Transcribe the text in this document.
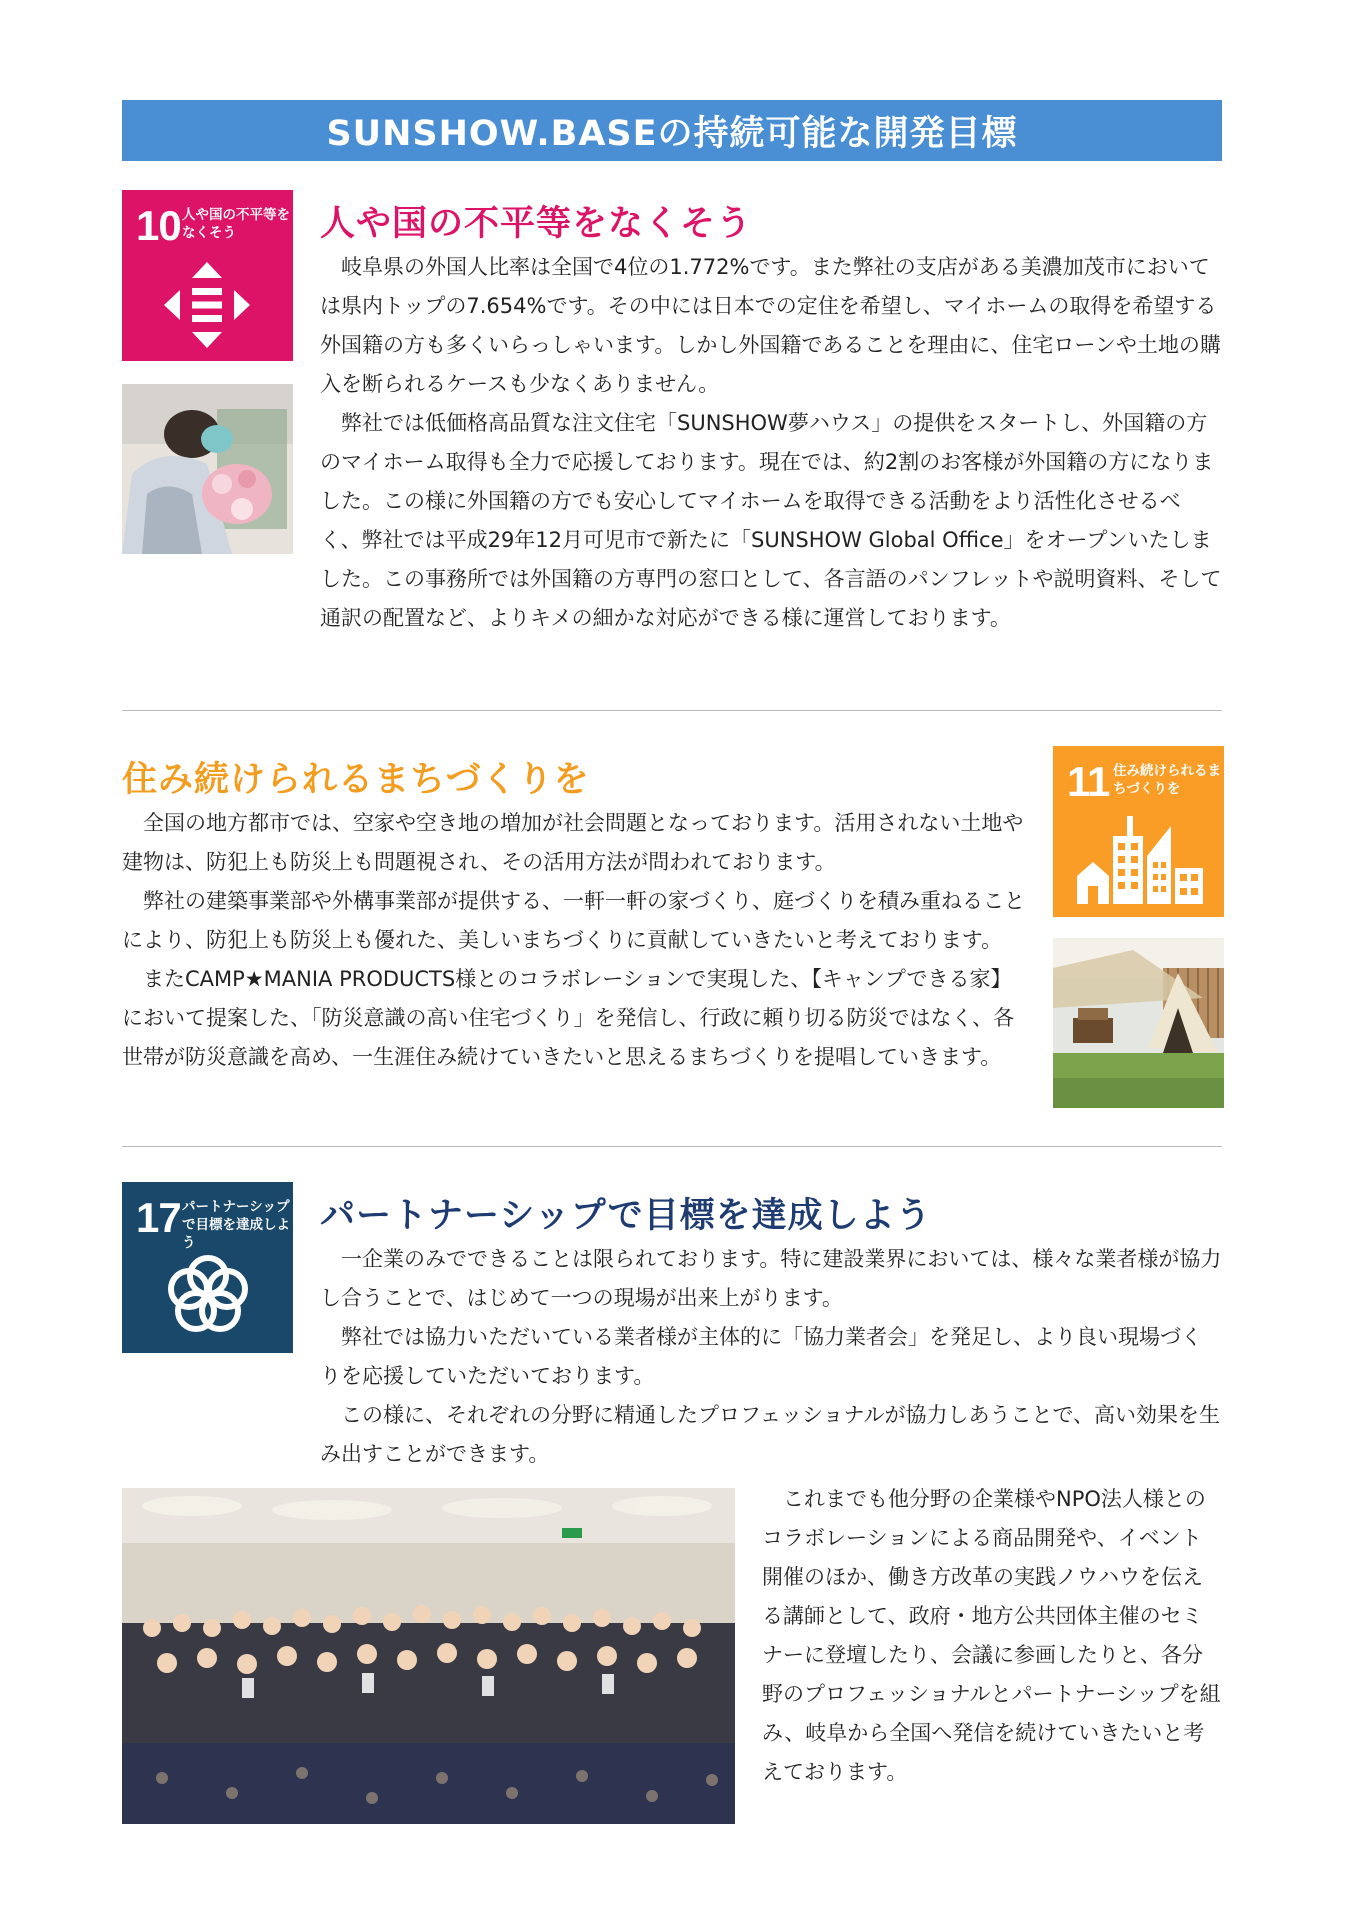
SUNSHOW.BASEの持続可能な開発目標
10 人や国の不平等をなくそう	人や国の不平等をなくそう

岐阜県の外国人比率は全国で4位の1.772%です。また弊社の支店がある美濃加茂市においては県内トップの7.654%です。その中には日本での定住を希望し、マイホームの取得を希望する外国籍の方も多くいらっしゃいます。しかし外国籍であることを理由に、住宅ローンや土地の購入を断られるケースも少なくありません。

弊社では低価格高品質な注文住宅「SUNSHOW夢ハウス」の提供をスタートし、外国籍の方のマイホーム取得も全力で応援しております。現在では、約2割のお客様が外国籍の方になりました。この様に外国籍の方でも安心してマイホームを取得できる活動をより活性化させるべく、弊社では平成29年12月可児市で新たに「SUNSHOW Global Office」をオープンいたしました。この事務所では外国籍の方専門の窓口として、各言語のパンフレットや説明資料、そして通訳の配置など、よりキメの細かな対応ができる様に運営しております。

住み続けられるまちづくりを

全国の地方都市では、空家や空き地の増加が社会問題となっております。活用されない土地や建物は、防犯上も防災上も問題視され、その活用方法が問われております。

弊社の建築事業部や外構事業部が提供する、一軒一軒の家づくり、庭づくりを積み重ねることにより、防犯上も防災上も優れた、美しいまちづくりに貢献していきたいと考えております。

またCAMP★MANIA PRODUCTS様とのコラボレーションで実現した、【キャンプできる家】において提案した、「防災意識の高い住宅づくり」を発信し、行政に頼り切る防災ではなく、各世帯が防災意識を高め、一生涯住み続けていきたいと思えるまちづくりを提唱していきます。

11 住み続けられるまちづくりを
17 パートナーシップで目標を達成しよう
パートナーシップで目標を達成しよう

一企業のみでできることは限られております。特に建設業界においては、様々な業者様が協力し合うことで、はじめて一つの現場が出来上がります。

弊社では協力いただいている業者様が主体的に「協力業者会」を発足し、より良い現場づくりを応援していただいております。

この様に、それぞれの分野に精通したプロフェッショナルが協力しあうことで、高い効果を生み出すことができます。

これまでも他分野の企業様やNPO法人様とのコラボレーションによる商品開発や、イベント開催のほか、働き方改革の実践ノウハウを伝える講師として、政府・地方公共団体主催のセミナーに登壇したり、会議に参画したりと、各分野のプロフェッショナルとパートナーシップを組み、岐阜から全国へ発信を続けていきたいと考えております。
